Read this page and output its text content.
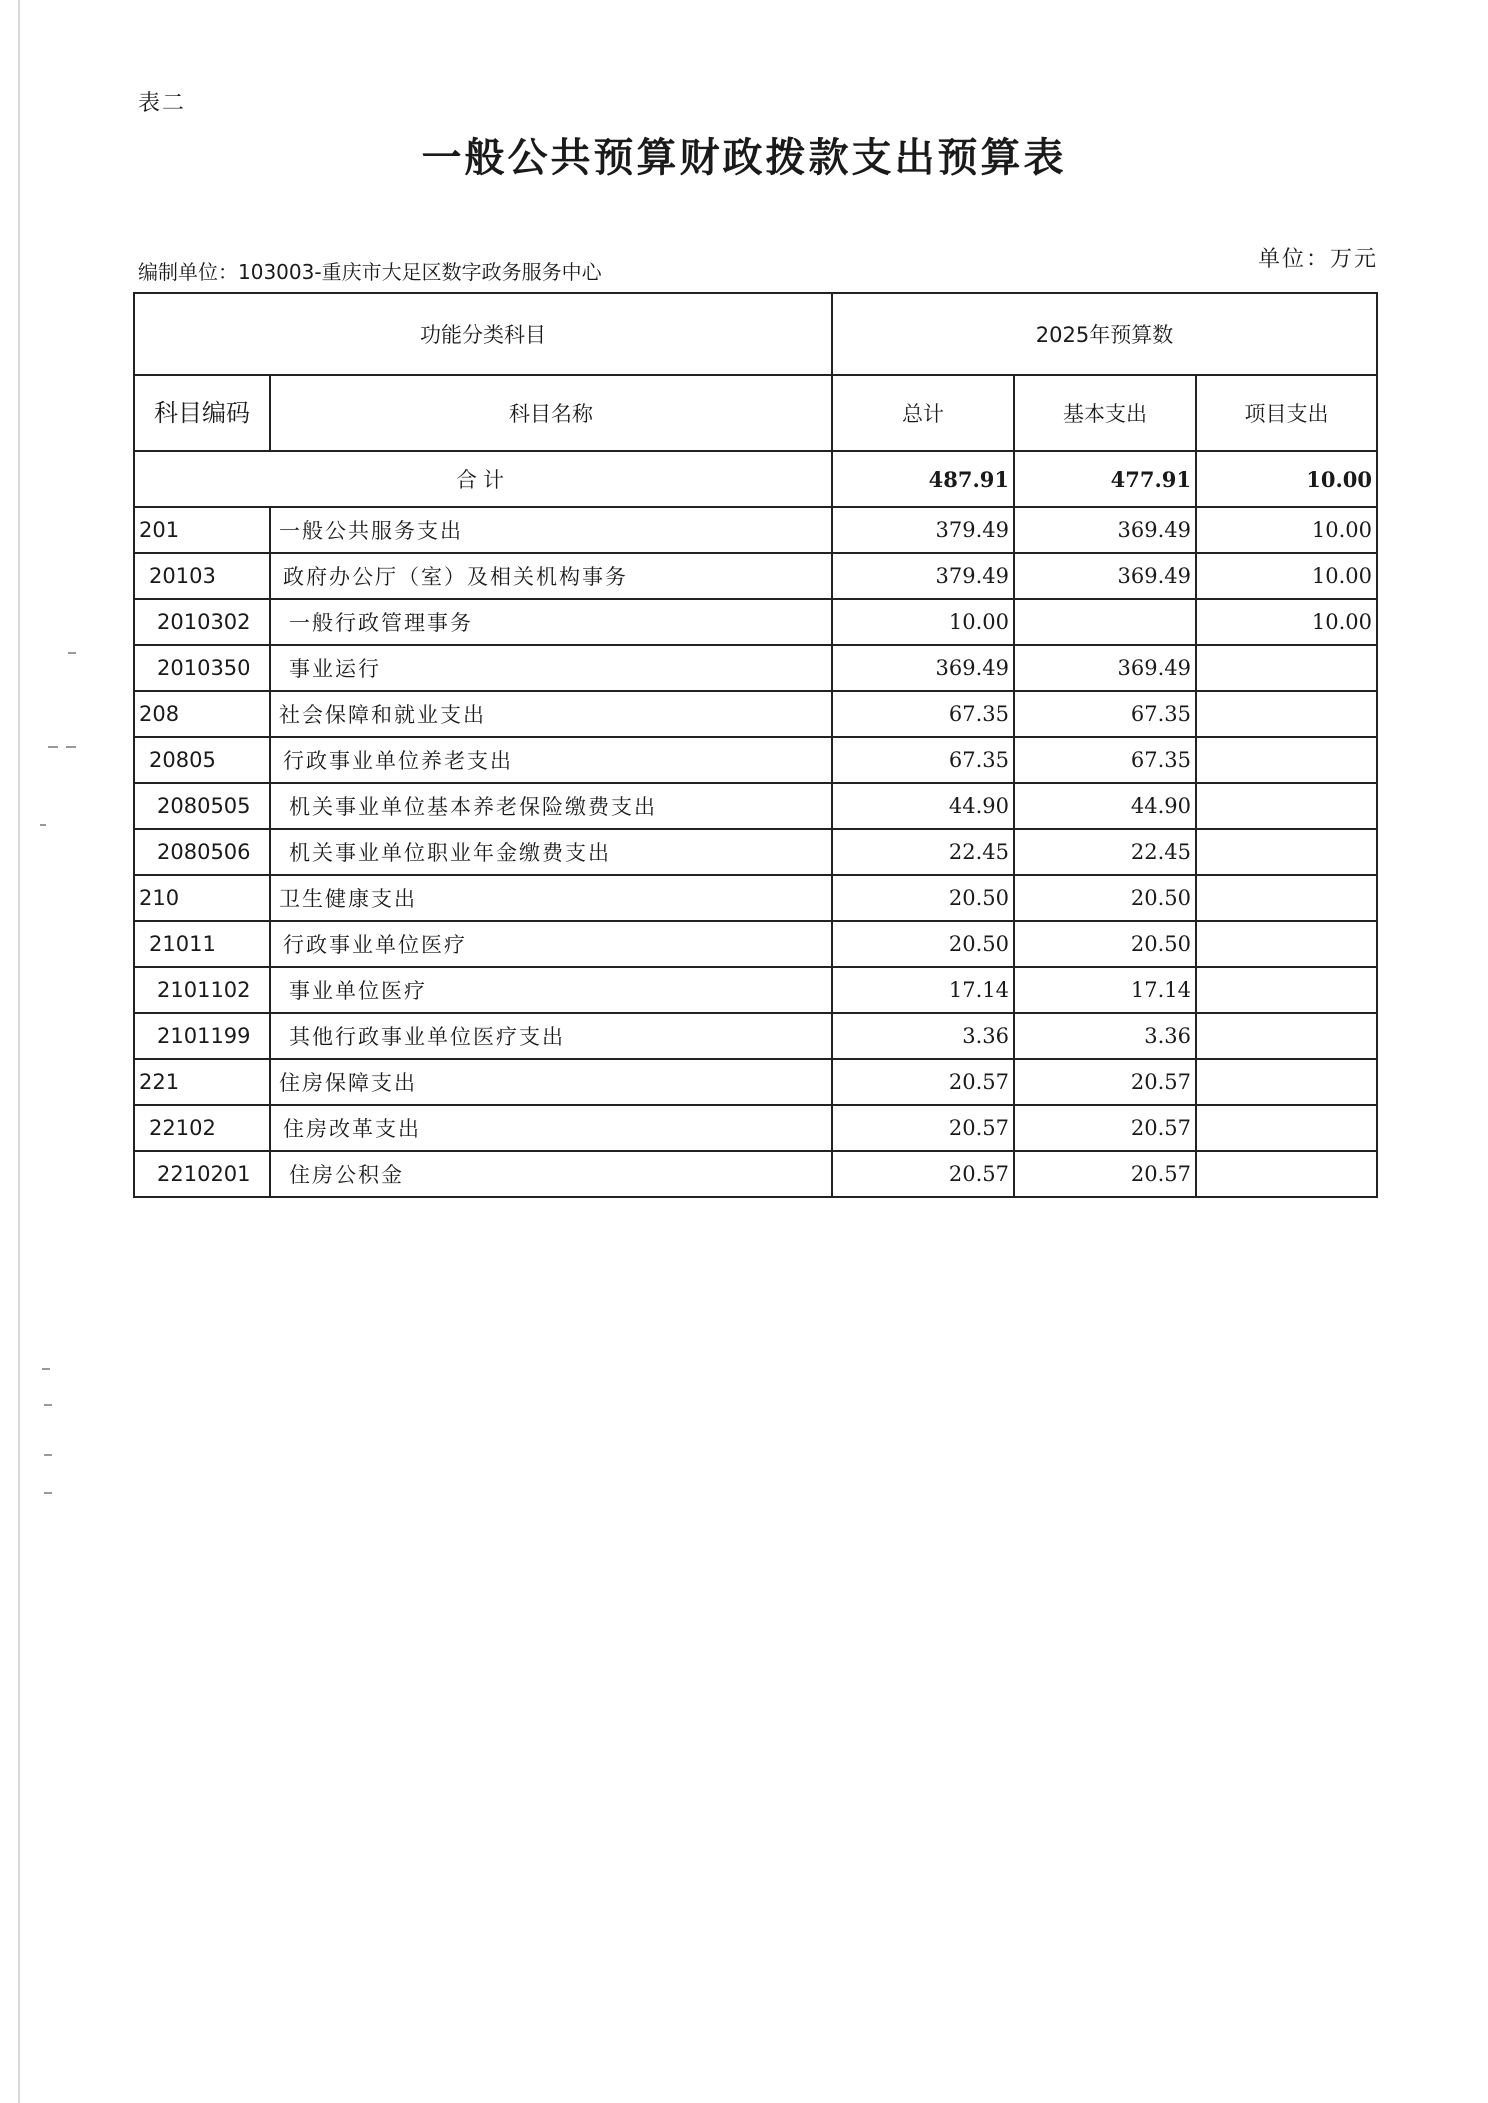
表二
一般公共预算财政拨款支出预算表
编制单位：103003-重庆市大足区数字政务服务中心	单位：万元
功能分类科目		2025年预算数		
科目编码	科目名称	总计	基本支出	项目支出
合计		487.91	477.91	10.00
201	一般公共服务支出	379.49	369.49	10.00
20103	政府办公厅（室）及相关机构事务	379.49	369.49	10.00
2010302	一般行政管理事务	10.00		10.00
2010350	事业运行	369.49	369.49	
208	社会保障和就业支出	67.35	67.35	
20805	行政事业单位养老支出	67.35	67.35	
2080505	机关事业单位基本养老保险缴费支出	44.90	44.90	
2080506	机关事业单位职业年金缴费支出	22.45	22.45	
210	卫生健康支出	20.50	20.50	
21011	行政事业单位医疗	20.50	20.50	
2101102	事业单位医疗	17.14	17.14	
2101199	其他行政事业单位医疗支出	3.36	3.36	
221	住房保障支出	20.57	20.57	
22102	住房改革支出	20.57	20.57	
2210201	住房公积金	20.57	20.57	
